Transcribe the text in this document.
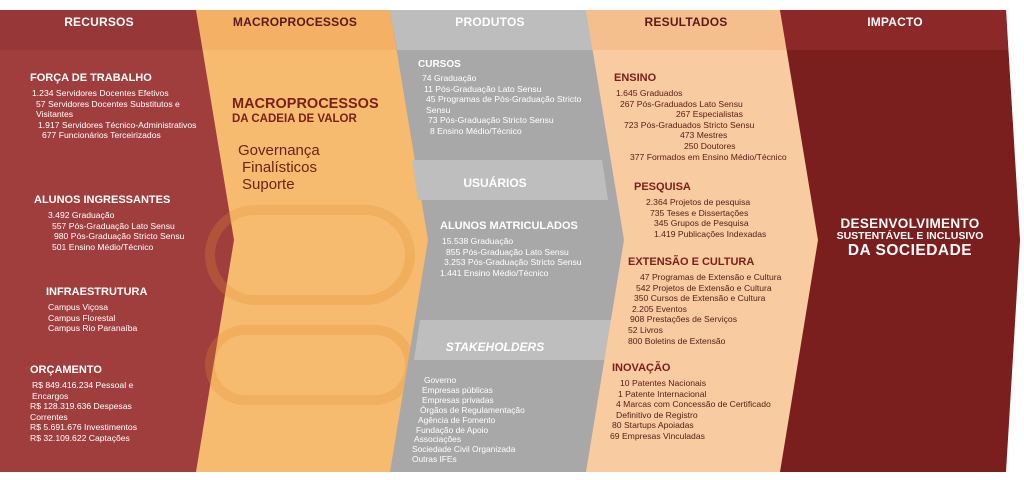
RECURSOS	MACROPROCESSOS	PRODUTOS	RESULTADOS	IMPACTO
FORÇA DE TRABALHO
1.234 Servidores Docentes Efetivos
57 Servidores Docentes Substitutos e Visitantes
1.917 Servidores Técnico-Administrativos
677 Funcionários Terceirizados
ALUNOS INGRESSANTES
3.492 Graduação
557 Pós-Graduação Lato Sensu
980 Pós-Graduação Stricto Sensu
501 Ensino Médio/Técnico
INFRAESTRUTURA
Campus Viçosa
Campus Florestal
Campus Rio Paranaíba
ORÇAMENTO
R$ 849.416.234 Pessoal e Encargos
R$ 128.319.636 Despesas Correntes
R$ 5.691.676 Investimentos
R$ 32.109.622 Captações
MACROPROCESSOS
DA CADEIA DE VALOR
Governança
Finalísticos
Suporte
CURSOS
74 Graduação
11 Pós-Graduação Lato Sensu
45 Programas de Pós-Graduação Stricto Sensu
73 Pós-Graduação Stricto Sensu
8 Ensino Médio/Técnico
USUÁRIOS
ALUNOS MATRICULADOS
15.538 Graduação
855 Pós-Graduação Lato Sensu
3.253 Pós-Graduação Stricto Sensu
1.441 Ensino Médio/Técnico
STAKEHOLDERS
Governo
Empresas públicas
Empresas privadas
Órgãos de Regulamentação
Agência de Fomento
Fundação de Apoio
Associações
Sociedade Civil Organizada
Outras IFEs
ENSINO
1.645 Graduados
267 Pós-Graduados Lato Sensu
267 Especialistas
723 Pós-Graduados Stricto Sensu
473 Mestres
250 Doutores
377 Formados em Ensino Médio/Técnico
PESQUISA
2.364 Projetos de pesquisa
735 Teses e Dissertações
345 Grupos de Pesquisa
1.419 Publicações Indexadas
EXTENSÃO E CULTURA
47 Programas de Extensão e Cultura
542 Projetos de Extensão e Cultura
350 Cursos de Extensão e Cultura
2.205 Eventos
908 Prestações de Serviços
52 Livros
800 Boletins de Extensão
INOVAÇÃO
10 Patentes Nacionais
1 Patente Internacional
4 Marcas com Concessão de Certificado Definitivo de Registro
80 Startups Apoiadas
69 Empresas Vinculadas
DESENVOLVIMENTO
SUSTENTÁVEL E INCLUSIVO
DA SOCIEDADE
